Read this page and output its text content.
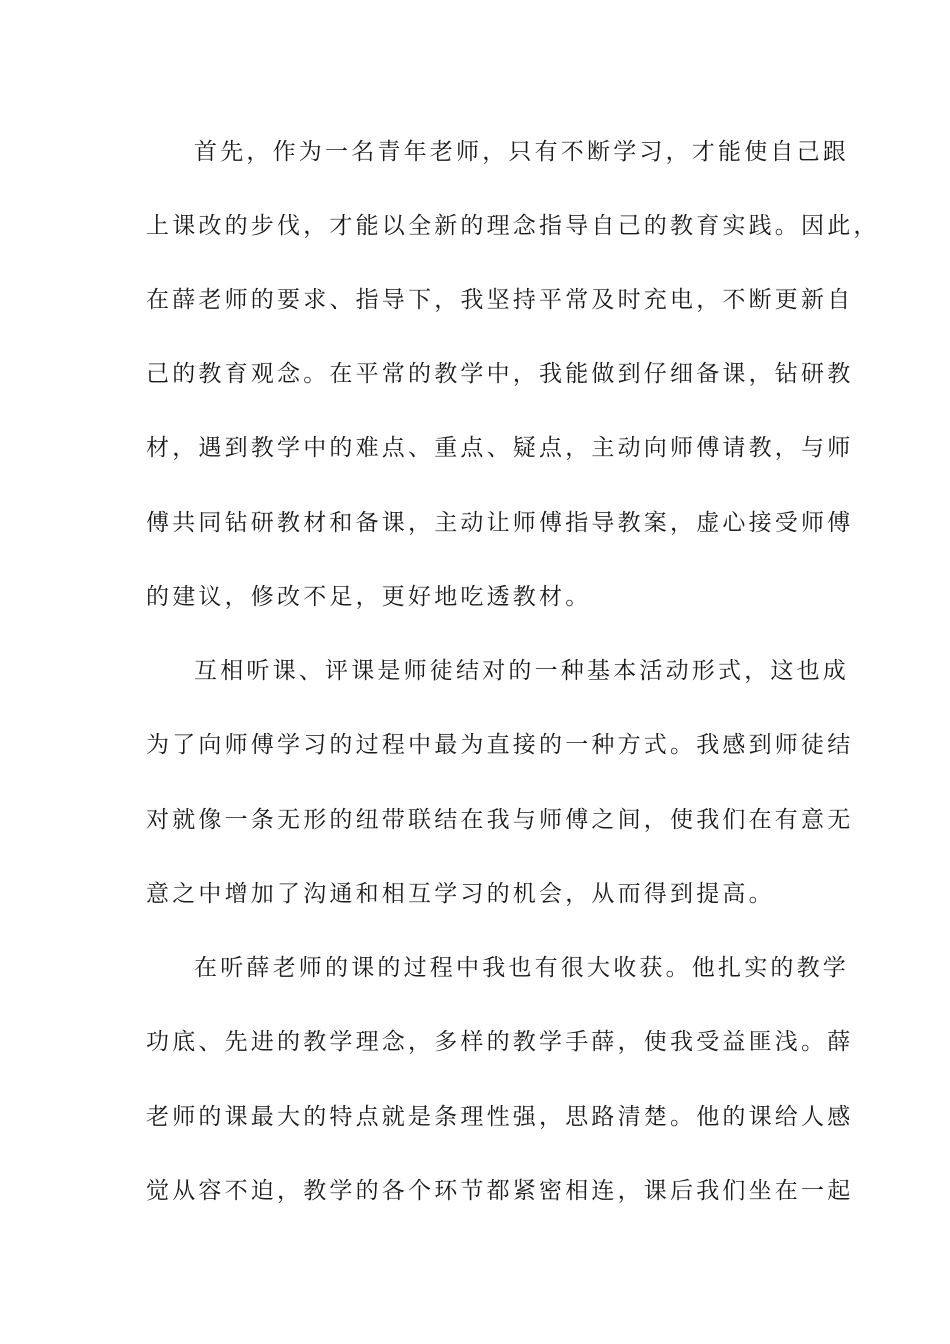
首先，作为一名青年老师，只有不断学习，才能使自己跟
上课改的步伐，才能以全新的理念指导自己的教育实践。因此，
在薛老师的要求、指导下，我坚持平常及时充电，不断更新自
己的教育观念。在平常的教学中，我能做到仔细备课，钻研教
材，遇到教学中的难点、重点、疑点，主动向师傅请教，与师
傅共同钻研教材和备课，主动让师傅指导教案，虚心接受师傅
的建议，修改不足，更好地吃透教材。
互相听课、评课是师徒结对的一种基本活动形式，这也成
为了向师傅学习的过程中最为直接的一种方式。我感到师徒结
对就像一条无形的纽带联结在我与师傅之间，使我们在有意无
意之中增加了沟通和相互学习的机会，从而得到提高。
在听薛老师的课的过程中我也有很大收获。他扎实的教学
功底、先进的教学理念，多样的教学手薛，使我受益匪浅。薛
老师的课最大的特点就是条理性强，思路清楚。他的课给人感
觉从容不迫，教学的各个环节都紧密相连，课后我们坐在一起
